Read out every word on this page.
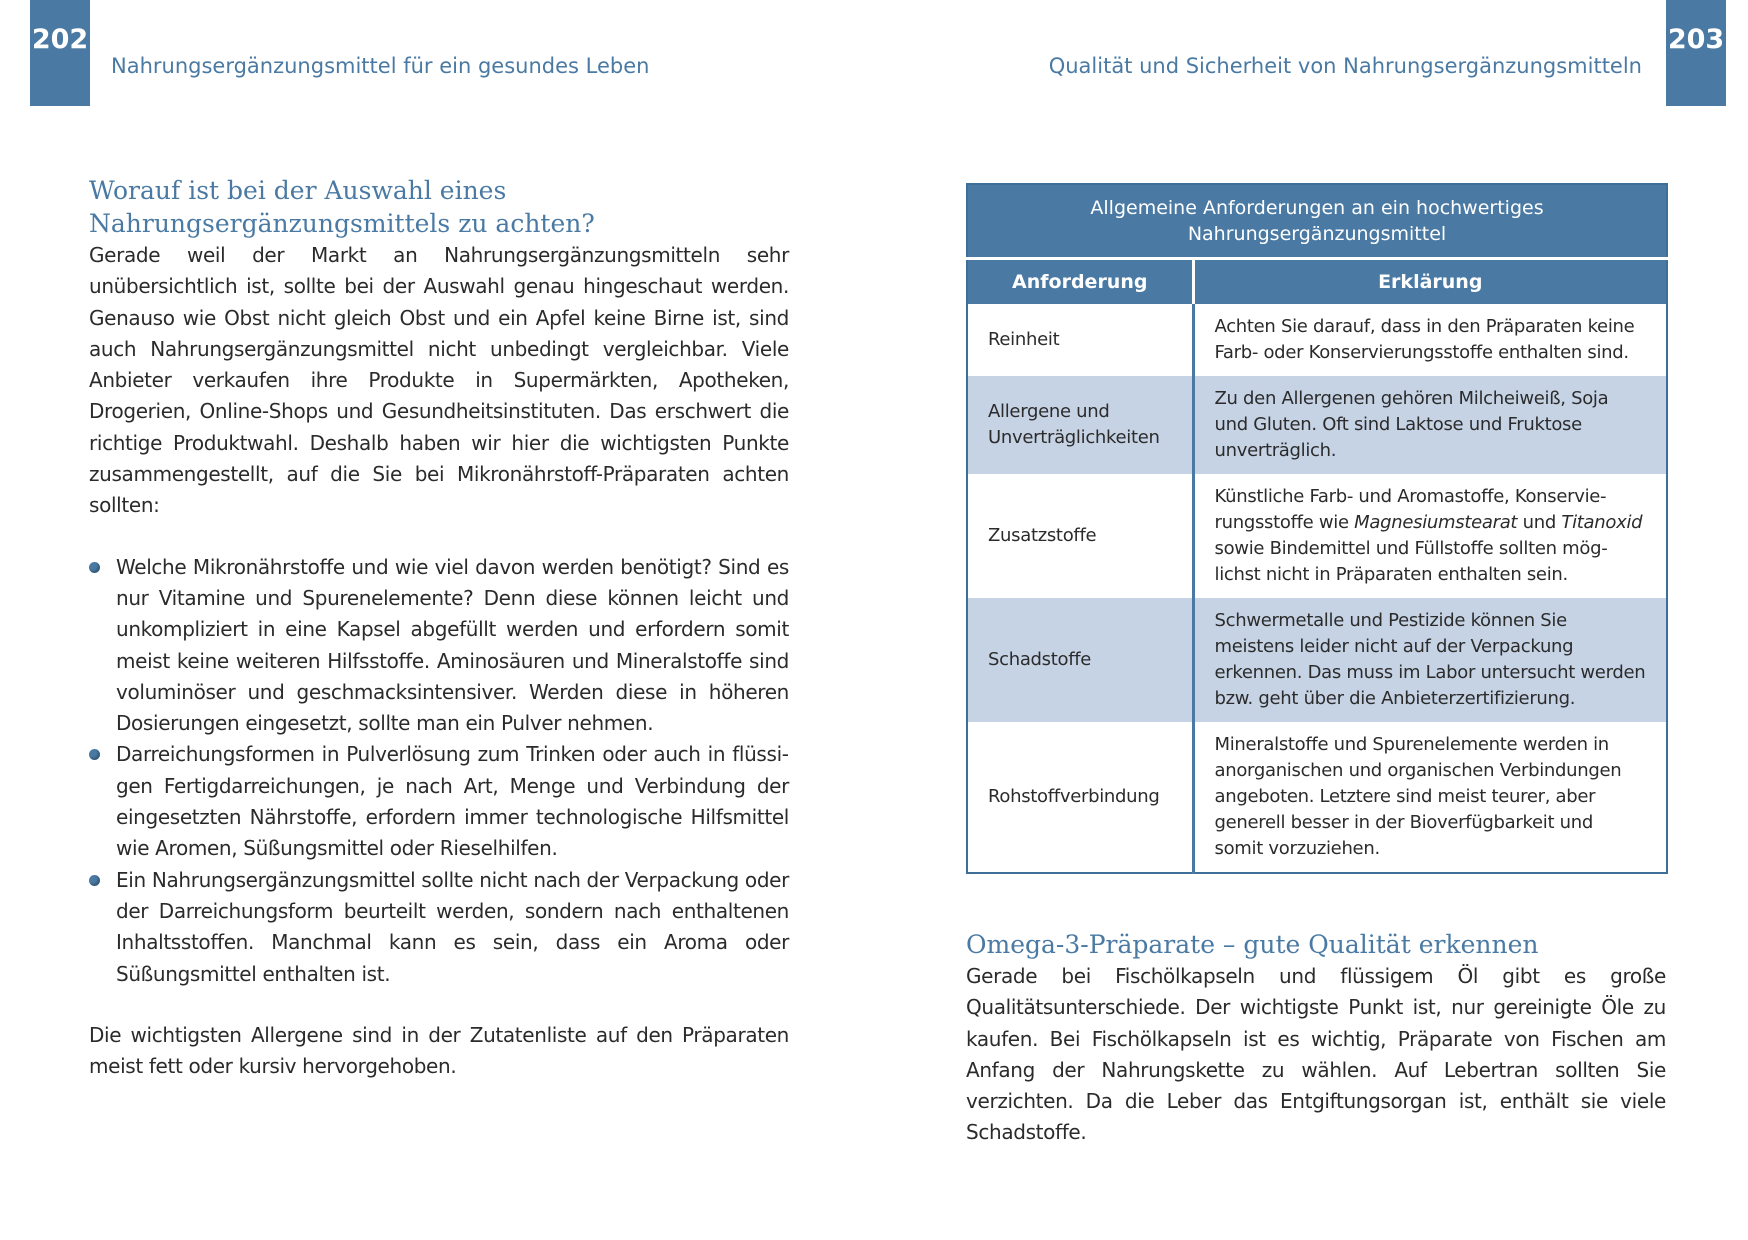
202
Nahrungsergänzungsmittel für ein gesundes Leben	Qualität und Sicherheit von Nahrungsergänzungsmitteln
203
Worauf ist bei der Auswahl eines Nahrungsergänzungsmittels zu achten?

Gerade weil der Markt an Nahrungsergänzungsmitteln sehr unübersichtlich ist, sollte bei der Auswahl genau hingeschaut werden. Genauso wie Obst nicht gleich Obst und ein Apfel keine Birne ist, sind auch Nahrungsergänzungsmittel nicht unbedingt vergleichbar. Viele Anbieter verkaufen ihre Produkte in Supermärkten, Apotheken, Drogerien, Online-Shops und Gesundheitsinstituten. Das erschwert die richtige Produktwahl. Deshalb haben wir hier die wichtigsten Punkte zusammengestellt, auf die Sie bei Mikronährstoff-Präparaten achten sollten:

Welche Mikronährstoffe und wie viel davon werden benötigt? Sind es nur Vitamine und Spurenelemente? Denn diese können leicht und unkompliziert in eine Kapsel abgefüllt werden und erfordern somit meist keine weiteren Hilfsstoffe. Aminosäuren und Mineralstoffe sind voluminöser und geschmacksintensiver. Werden diese in höheren Dosierungen eingesetzt, sollte man ein Pulver nehmen.
Darreichungsformen in Pulverlösung zum Trinken oder auch in flüssigen Fertigdarreichungen, je nach Art, Menge und Verbindung der eingesetzten Nährstoffe, erfordern immer technologische Hilfsmittel wie Aromen, Süßungsmittel oder Rieselhilfen.
Ein Nahrungsergänzungsmittel sollte nicht nach der Verpackung oder der Darreichungsform beurteilt werden, sondern nach enthaltenen Inhaltsstoffen. Manchmal kann es sein, dass ein Aroma oder Süßungsmittel enthalten ist.

Die wichtigsten Allergene sind in der Zutatenliste auf den Präparaten meist fett oder kursiv hervorgehoben.

Allgemeine Anforderungen an ein hochwertiges Nahrungsergänzungsmittel	
Anforderung	Erklärung
Reinheit	Achten Sie darauf, dass in den Präparaten keine Farb- oder Konservierungsstoffe enthalten sind.
Allergene und Unverträglichkeiten	Zu den Allergenen gehören Milcheiweiß, Soja und Gluten. Oft sind Laktose und Fruktose unverträglich.
Zusatzstoffe	Künstliche Farb- und Aromastoffe, Konservierungsstoffe wie Magnesiumstearat und Titanoxid sowie Bindemittel und Füllstoffe sollten möglichst nicht in Präparaten enthalten sein.
Schadstoffe	Schwermetalle und Pestizide können Sie meistens leider nicht auf der Verpackung erkennen. Das muss im Labor untersucht werden bzw. geht über die Anbieterzertifizierung.
Rohstoffverbindung	Mineralstoffe und Spurenelemente werden in anorganischen und organischen Verbindungen angeboten. Letztere sind meist teurer, aber generell besser in der Bioverfügbarkeit und somit vorzuziehen.
Omega-3-Präparate – gute Qualität erkennen

Gerade bei Fischölkapseln und flüssigem Öl gibt es große Qualitätsunterschiede. Der wichtigste Punkt ist, nur gereinigte Öle zu kaufen. Bei Fischölkapseln ist es wichtig, Präparate von Fischen am Anfang der Nahrungskette zu wählen. Auf Lebertran sollten Sie verzichten. Da die Leber das Entgiftungsorgan ist, enthält sie viele Schadstoffe.
